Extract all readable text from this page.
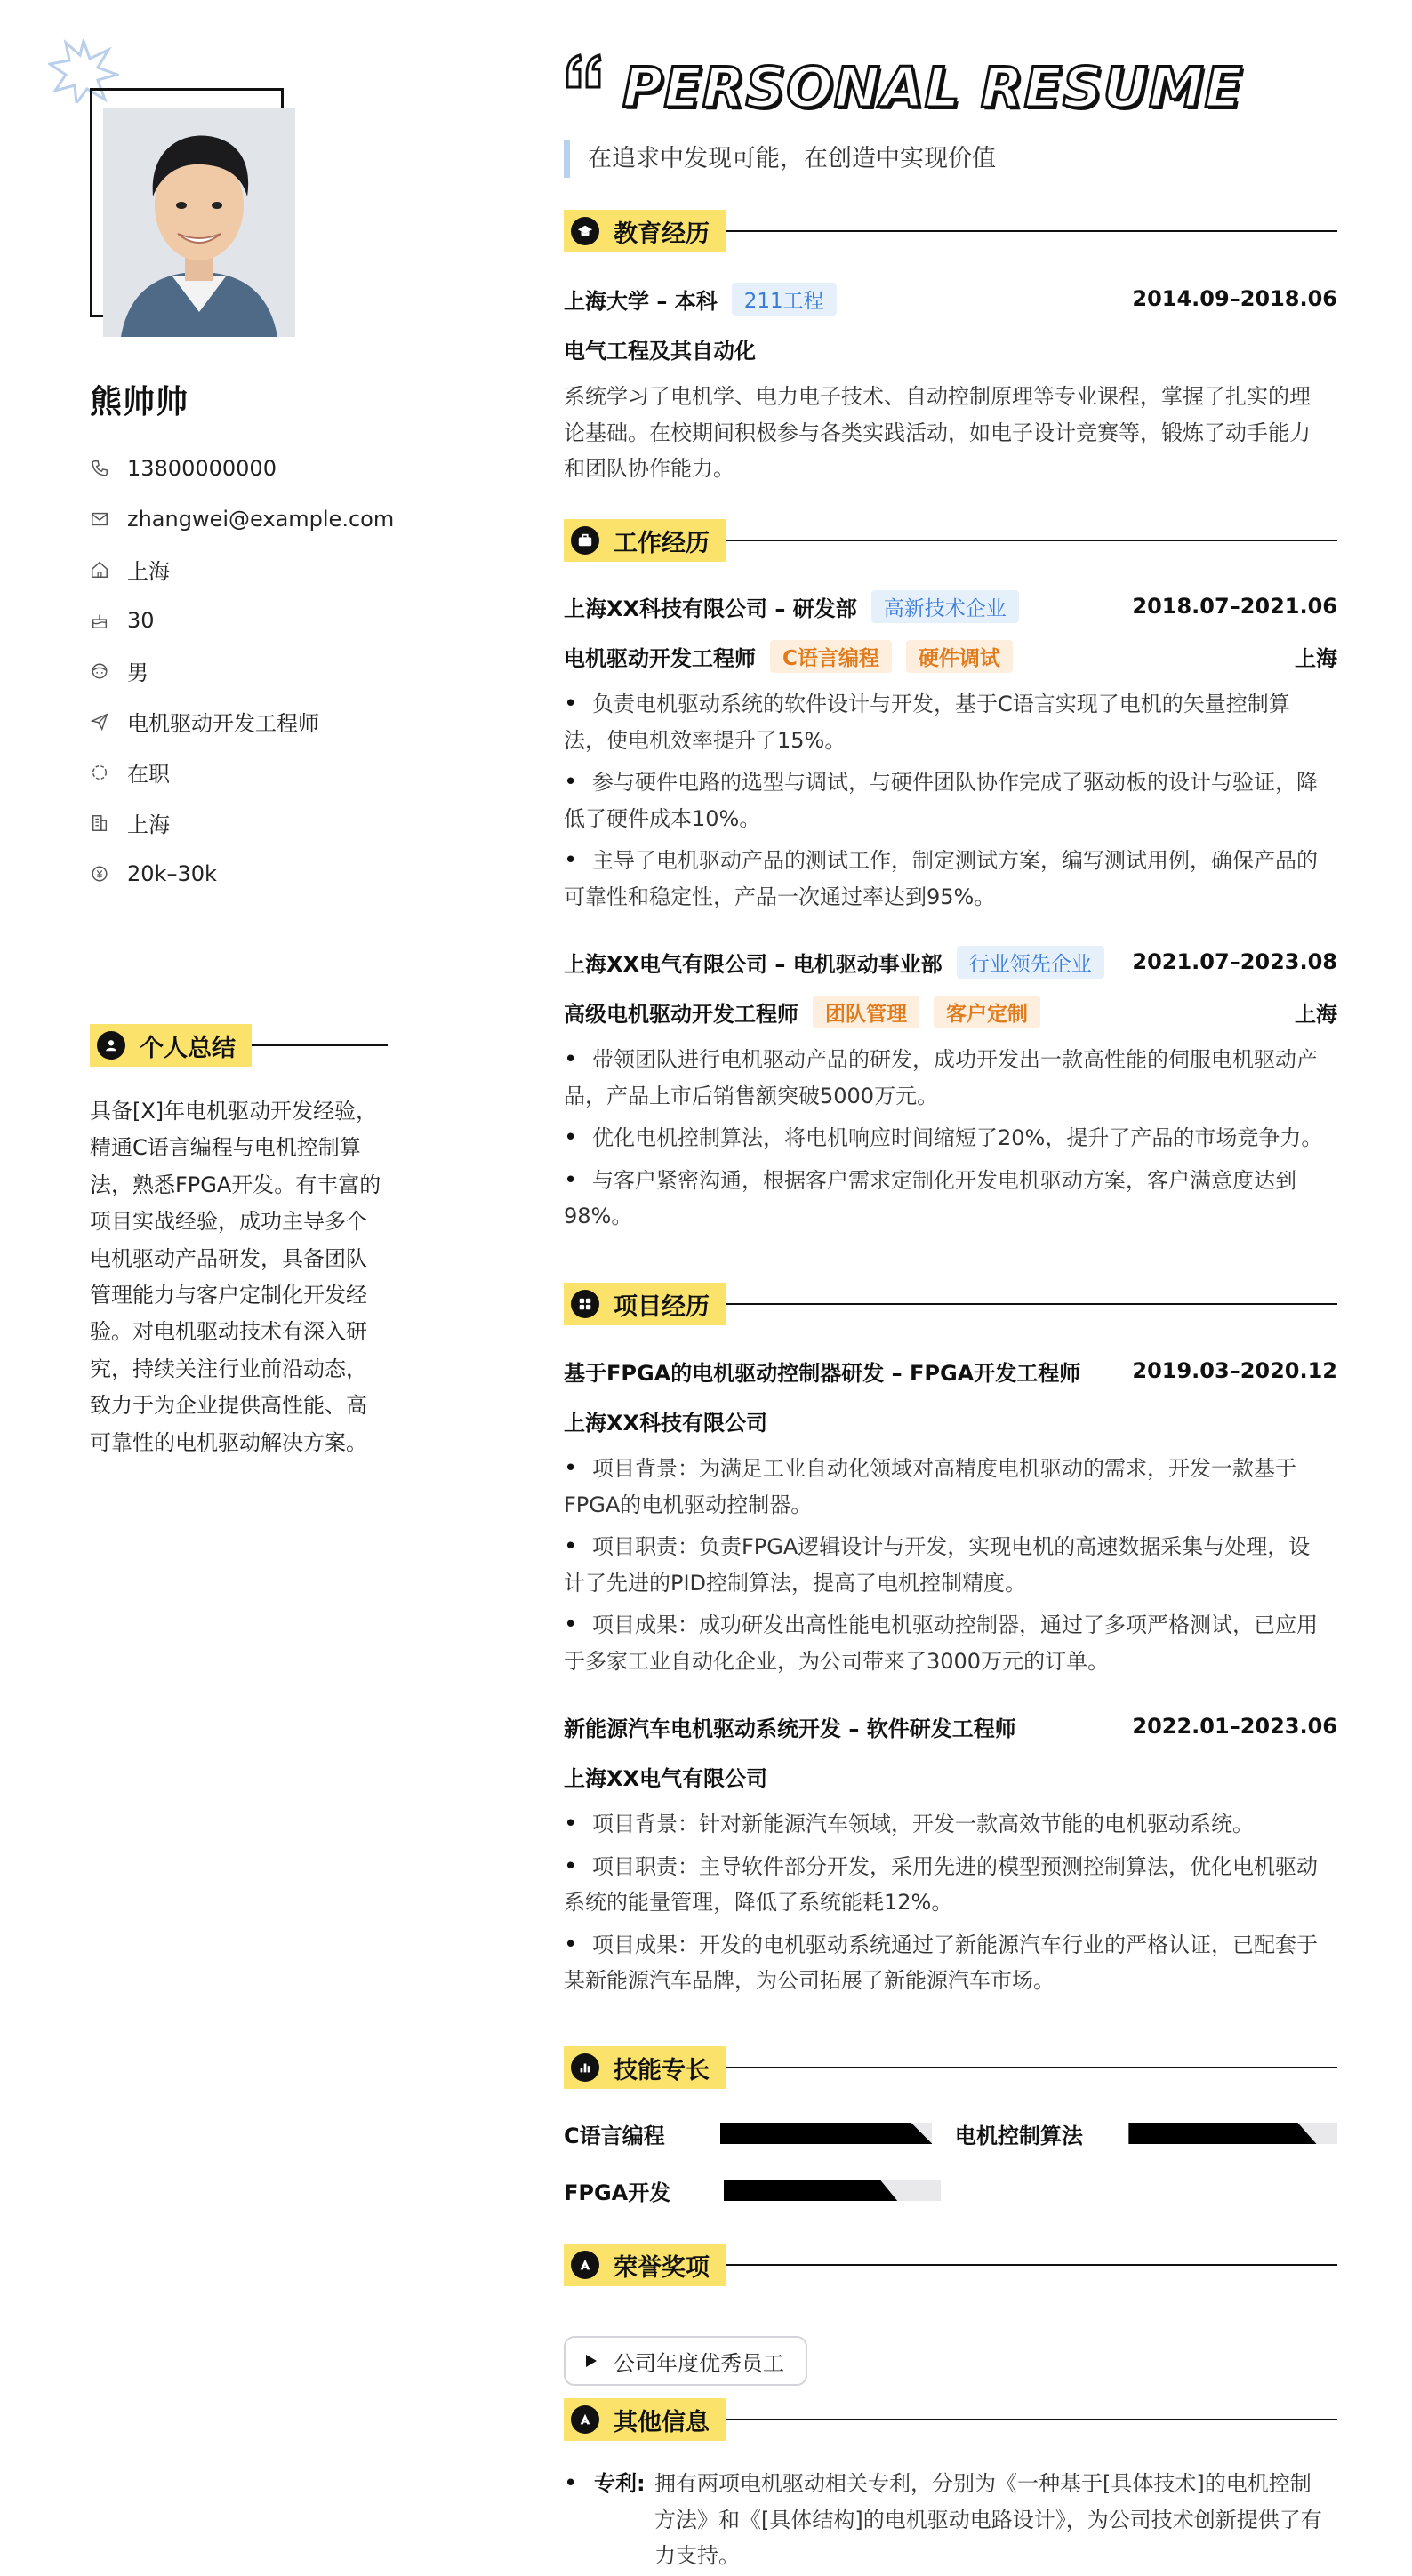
熊帅帅
13800000000
zhangwei@example.com
上海
30
男
电机驱动开发工程师
在职
上海
20k–30k
个人总结
具备[X]年电机驱动开发经验，
精通C语言编程与电机控制算
法，熟悉FPGA开发。有丰富的
项目实战经验，成功主导多个
电机驱动产品研发，具备团队
管理能力与客户定制化开发经
验。对电机驱动技术有深入研
究，持续关注行业前沿动态，
致力于为企业提供高性能、高
可靠性的电机驱动解决方案。
PERSONAL RESUME
在追求中发现可能，在创造中实现价值
教育经历
上海大学 – 本科	211工程	2014.09–2018.06
电气工程及其自动化
系统学习了电机学、电力电子技术、自动控制原理等专业课程，掌握了扎实的理
论基础。在校期间积极参与各类实践活动，如电子设计竞赛等，锻炼了动手能力
和团队协作能力。
工作经历
上海XX科技有限公司 – 研发部	高新技术企业	2018.07–2021.06
电机驱动开发工程师	C语言编程	硬件调试	上海
• 负责电机驱动系统的软件设计与开发，基于C语言实现了电机的矢量控制算
法，使电机效率提升了15%。
• 参与硬件电路的选型与调试，与硬件团队协作完成了驱动板的设计与验证，降
低了硬件成本10%。
• 主导了电机驱动产品的测试工作，制定测试方案，编写测试用例，确保产品的
可靠性和稳定性，产品一次通过率达到95%。
上海XX电气有限公司 – 电机驱动事业部	行业领先企业	2021.07–2023.08
高级电机驱动开发工程师	团队管理	客户定制	上海
• 带领团队进行电机驱动产品的研发，成功开发出一款高性能的伺服电机驱动产
品，产品上市后销售额突破5000万元。
• 优化电机控制算法，将电机响应时间缩短了20%，提升了产品的市场竞争力。
• 与客户紧密沟通，根据客户需求定制化开发电机驱动方案，客户满意度达到
98%。
项目经历
基于FPGA的电机驱动控制器研发 – FPGA开发工程师 2019.03–2020.12
上海XX科技有限公司
• 项目背景：为满足工业自动化领域对高精度电机驱动的需求，开发一款基于
FPGA的电机驱动控制器。
• 项目职责：负责FPGA逻辑设计与开发，实现电机的高速数据采集与处理，设
计了先进的PID控制算法，提高了电机控制精度。
• 项目成果：成功研发出高性能电机驱动控制器，通过了多项严格测试，已应用
于多家工业自动化企业，为公司带来了3000万元的订单。
新能源汽车电机驱动系统开发 – 软件研发工程师	2022.01–2023.06
上海XX电气有限公司
• 项目背景：针对新能源汽车领域，开发一款高效节能的电机驱动系统。
• 项目职责：主导软件部分开发，采用先进的模型预测控制算法，优化电机驱动
系统的能量管理，降低了系统能耗12%。
• 项目成果：开发的电机驱动系统通过了新能源汽车行业的严格认证，已配套于
某新能源汽车品牌，为公司拓展了新能源汽车市场。
技能专长
C语言编程	电机控制算法
FPGA开发
荣誉奖项
公司年度优秀员工
其他信息
• 专利: 拥有两项电机驱动相关专利，分别为《一种基于[具体技术]的电机控制
方法》和《[具体结构]的电机驱动电路设计》，为公司技术创新提供了有
力支持。
